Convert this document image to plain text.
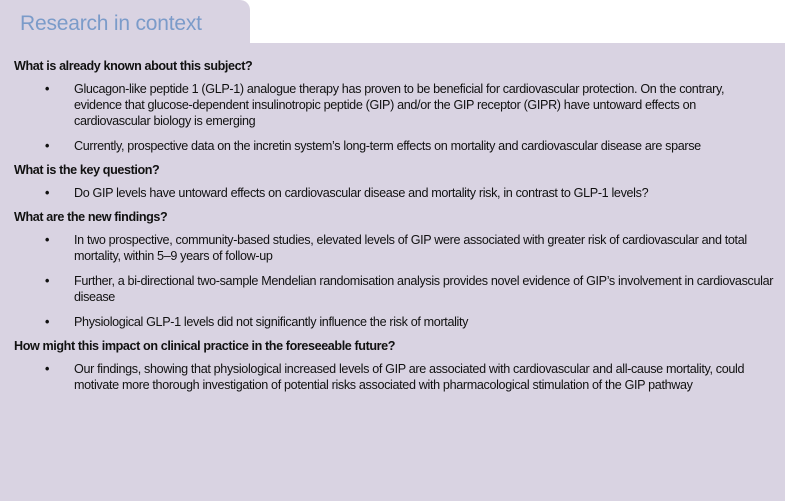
Research in context
What is already known about this subject?
• Glucagon-like peptide 1 (GLP-1) analogue therapy has proven to be beneficial for cardiovascular protection. On the contrary, evidence that glucose-dependent insulinotropic peptide (GIP) and/or the GIP receptor (GIPR) have untoward effects on cardiovascular biology is emerging
• Currently, prospective data on the incretin system’s long-term effects on mortality and cardiovascular disease are sparse
What is the key question?
• Do GIP levels have untoward effects on cardiovascular disease and mortality risk, in contrast to GLP-1 levels?
What are the new findings?
• In two prospective, community-based studies, elevated levels of GIP were associated with greater risk of cardiovascular and total mortality, within 5–9 years of follow-up
• Further, a bi-directional two-sample Mendelian randomisation analysis provides novel evidence of GIP’s involvement in cardiovascular disease
• Physiological GLP-1 levels did not significantly influence the risk of mortality
How might this impact on clinical practice in the foreseeable future?
• Our findings, showing that physiological increased levels of GIP are associated with cardiovascular and all-cause mortality, could motivate more thorough investigation of potential risks associated with pharmacological stimulation of the GIP pathway
